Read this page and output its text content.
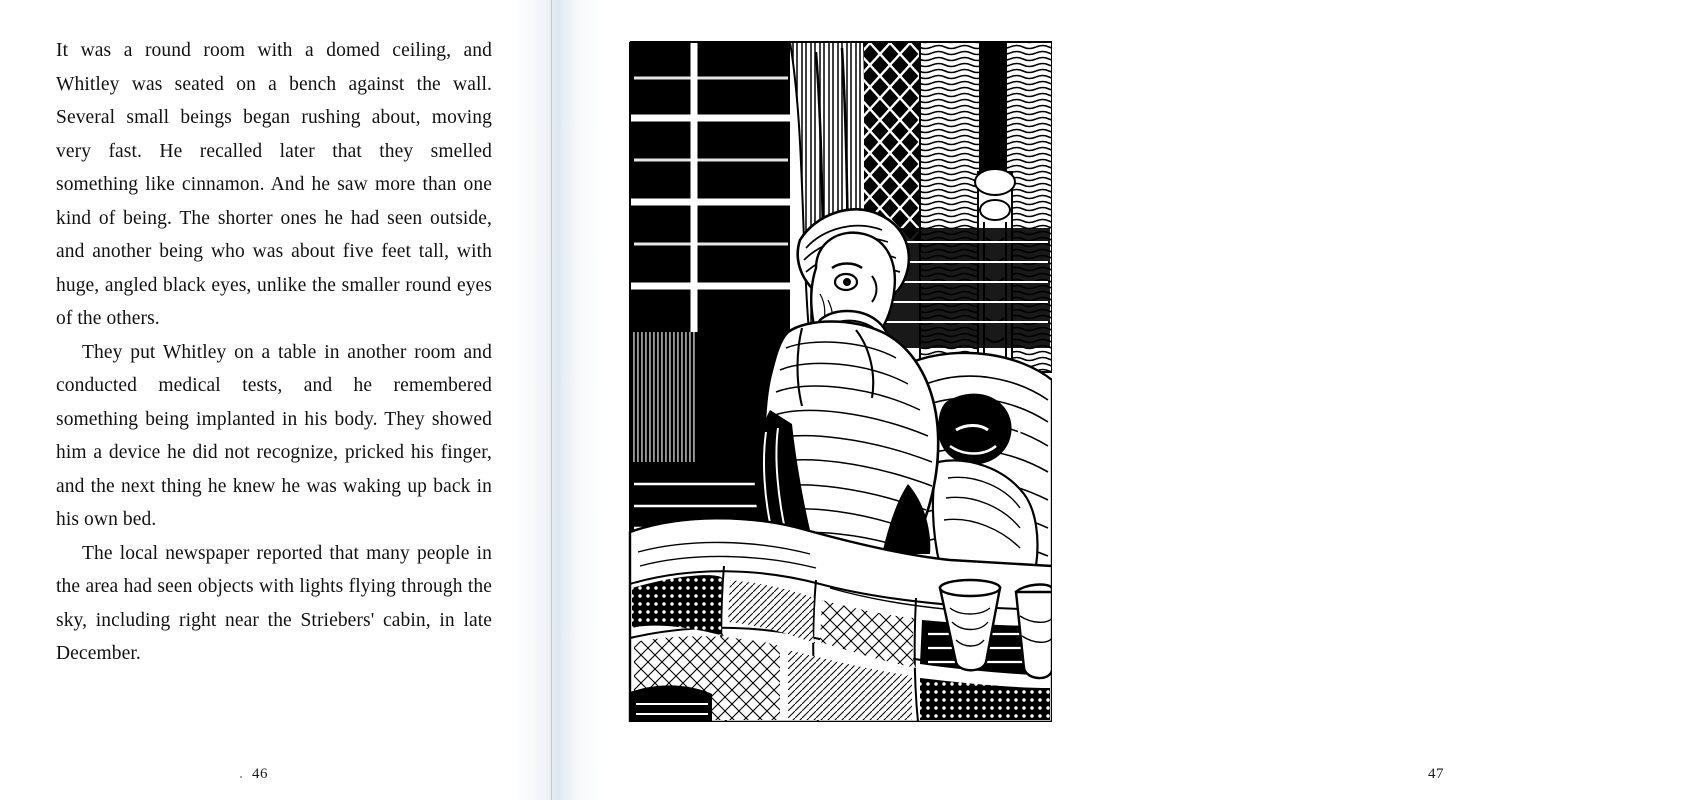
It was a round room with a domed ceiling, and Whitley was seated on a bench against the wall. Several small beings began rushing about, moving very fast. He recalled later that they smelled something like cinnamon. And he saw more than one kind of being. The shorter ones he had seen outside, and another being who was about five feet tall, with huge, angled black eyes, unlike the smaller round eyes of the others.

They put Whitley on a table in another room and conducted medical tests, and he remembered something being implanted in his body. They showed him a device he did not recognize, pricked his finger, and the next thing he knew he was waking up back in his own bed.

The local newspaper reported that many people in the area had seen objects with lights flying through the sky, including right near the Striebers' cabin, in late December.

46	47
